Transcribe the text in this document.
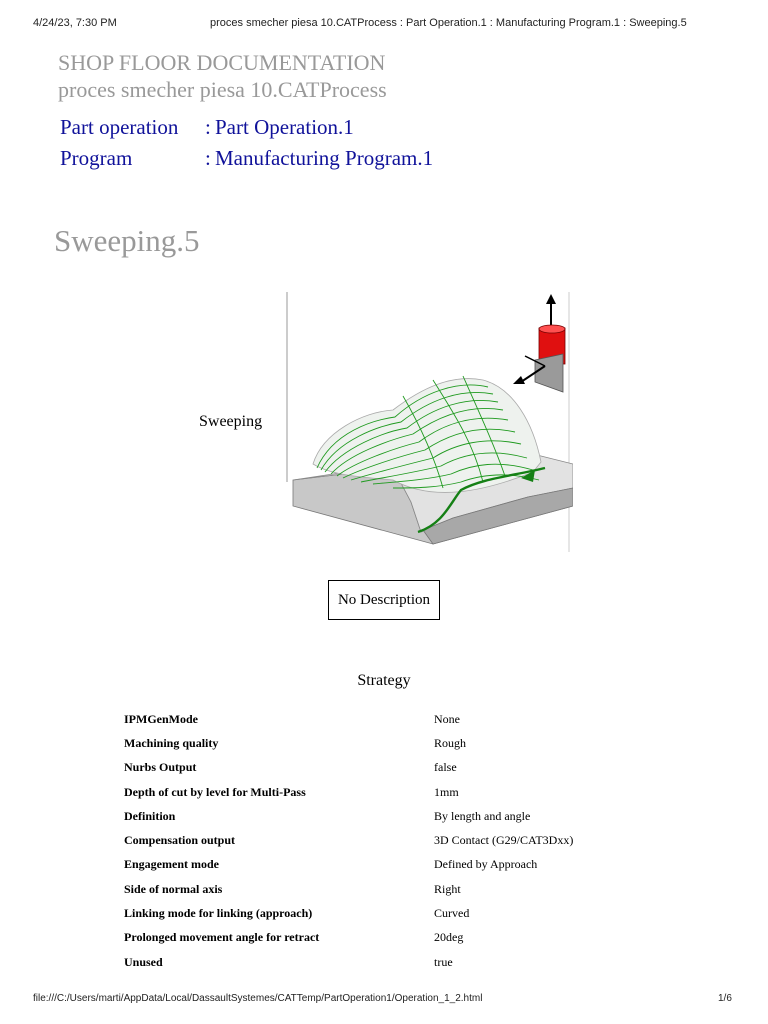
4/24/23, 7:30 PM	proces smecher piesa 10.CATProcess : Part Operation.1 : Manufacturing Program.1 : Sweeping.5
SHOP FLOOR DOCUMENTATION
proces smecher piesa 10.CATProcess
Part operation : Part Operation.1
Program	: Manufacturing Program.1
Sweeping.5
Sweeping
No Description
Strategy
IPMGenMode	None
Machining quality	Rough
Nurbs Output	false
Depth of cut by level for Multi-Pass	1mm
Definition	By length and angle
Compensation output	3D Contact (G29/CAT3Dxx)
Engagement mode	Defined by Approach
Side of normal axis	Right
Linking mode for linking (approach)	Curved
Prolonged movement angle for retract	20deg
Unused	true
file:///C:/Users/marti/AppData/Local/DassaultSystemes/CATTemp/PartOperation1/Operation_1_2.html	1/6
